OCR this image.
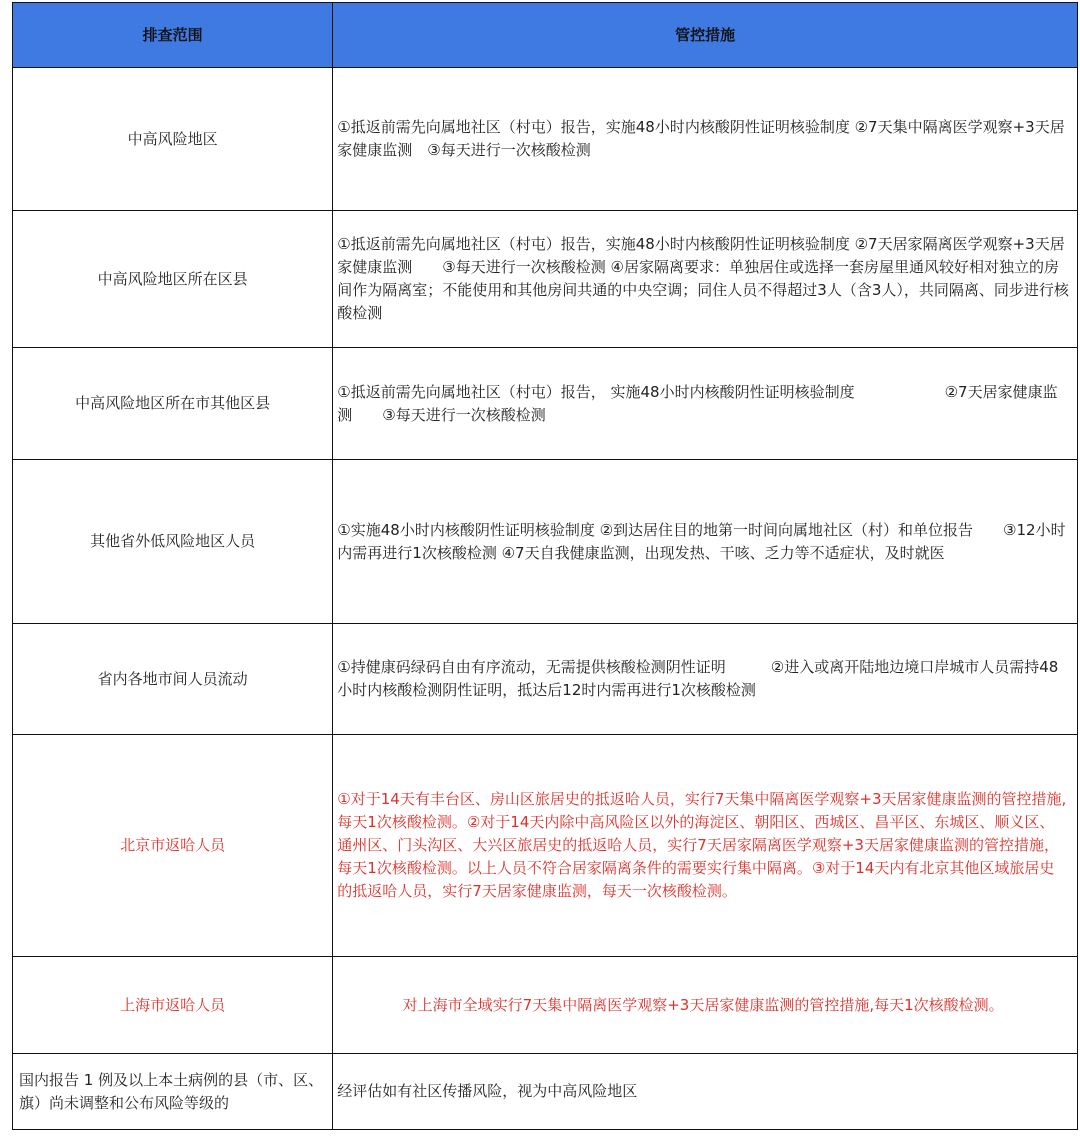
排查范围	管控措施
中高风险地区	①抵返前需先向属地社区（村屯）报告，实施48小时内核酸阴性证明核验制度 ②7天集中隔离医学观察+3天居家健康监测　③每天进行一次核酸检测
中高风险地区所在区县	①抵返前需先向属地社区（村屯）报告，实施48小时内核酸阴性证明核验制度 ②7天居家隔离医学观察+3天居家健康监测　　③每天进行一次核酸检测 ④居家隔离要求：单独居住或选择一套房屋里通风较好相对独立的房间作为隔离室；不能使用和其他房间共通的中央空调；同住人员不得超过3人（含3人），共同隔离、同步进行核酸检测
中高风险地区所在市其他区县	①抵返前需先向属地社区（村屯）报告， 实施48小时内核酸阴性证明核验制度　　　　　　②7天居家健康监测　　③每天进行一次核酸检测
其他省外低风险地区人员	①实施48小时内核酸阴性证明核验制度 ②到达居住目的地第一时间向属地社区（村）和单位报告　　③12小时内需再进行1次核酸检测 ④7天自我健康监测，出现发热、干咳、乏力等不适症状，及时就医
省内各地市间人员流动	①持健康码绿码自由有序流动，无需提供核酸检测阴性证明　　　②进入或离开陆地边境口岸城市人员需持48小时内核酸检测阴性证明，抵达后12时内需再进行1次核酸检测
北京市返哈人员	①对于14天有丰台区、房山区旅居史的抵返哈人员，实行7天集中隔离医学观察+3天居家健康监测的管控措施,每天1次核酸检测。②对于14天内除中高风险区以外的海淀区、朝阳区、西城区、昌平区、东城区、顺义区、通州区、门头沟区、大兴区旅居史的抵返哈人员，实行7天居家隔离医学观察+3天居家健康监测的管控措施，每天1次核酸检测。以上人员不符合居家隔离条件的需要实行集中隔离。③对于14天内有北京其他区域旅居史的抵返哈人员，实行7天居家健康监测，每天一次核酸检测。
上海市返哈人员	对上海市全域实行7天集中隔离医学观察+3天居家健康监测的管控措施,每天1次核酸检测。
国内报告 1 例及以上本土病例的县（市、区、旗）尚未调整和公布风险等级的	经评估如有社区传播风险，视为中高风险地区
